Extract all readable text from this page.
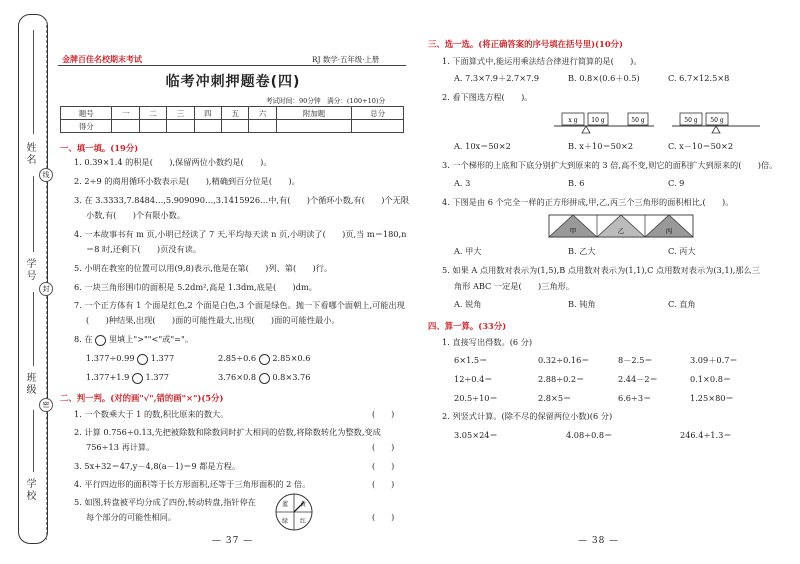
姓名
学号
班级
学校
线
封
密
金牌百佳名校期末考试	RJ 数学·五年级·上册
临考冲刺押题卷(四)
考试时间：90分钟　满分：(100+10)分
题号	一	二	三	四	五	六	附加题	总分
得分								
一、填一填。(19分)
1. 0.39×1.4 的积是(　　),保留两位小数约是(　　)。
2. 2÷9 的商用循环小数表示是(　　),精确到百分位是(　　)。
3. 在 3.3333,7.8484…,5.909090…,3.1415926…中,有(　　)个循环小数,有(　　)个无限
小数,有(　　)个有限小数。
4. 一本故事书有 m 页,小明已经读了 7 天,平均每天读 n 页,小明读了(　　)页,当 m＝180,n
＝8 时,还剩下(　　)页没有读。
5. 小明在教室的位置可以用(9,8)表示,他是在第(　　)列、第(　　)行。
6. 一块三角形围巾的面积是 5.2dm²,高是 1.3dm,底是(　　)dm。
7. 一个正方体有 1 个面是红色,2 个面是白色,3 个面是绿色。抛一下看哪个面朝上,可能出现
(　　)种结果,出现(　　)面的可能性最大,出现(　　)面的可能性最小。
8. 在 里填上">""<"或"="。
1.377÷0.99 1.377	2.85÷0.6 2.85×0.6
1.377+1.9 1.377	3.76×0.8 0.8×3.76
二、判一判。(对的画"√",错的画"×")(5分)
1. 一个数乘大于 1 的数,积比原来的数大。	(　　)
2. 计算 0.756÷0.13,先把被除数和除数同时扩大相同的倍数,将除数转化为整数,变成
756÷13 再计算。	(　　)
3. 5x+32＝47,y－4,8(a－1)＝9 都是方程。	(　　)
4. 平行四边形的面积等于长方形面积,还等于三角形面积的 2 倍。	(　　)
5. 如图,转盘被平均分成了四份,转动转盘,指针停在
每个部分的可能性相同。	(　　)
蓝 黄
绿 红
— 37 —
三、选一选。(将正确答案的序号填在括号里)(10分)
1. 下面算式中,能运用乘法结合律进行简算的是(　　)。
A. 7.3×7.9＋2.7×7.9	B. 0.8×(0.6＋0.5)	C. 6.7×12.5×8
2. 看下图选方程(　　)。
x g 10 g	50 g	50 g 50 g
A. 10x＝50×2	B. x＋10＝50×2	C. x－10＝50×2
3. 一个梯形的上底和下底分别扩大到原来的 3 倍,高不变,则它的面积扩大到原来的(　　)倍。
A. 3	B. 6	C. 9
4. 下图是由 6 个完全一样的正方形拼成,甲,乙,丙三个三角形的面积相比,(　　)。
甲	乙	丙
A. 甲大	B. 乙大	C. 丙大
5. 如果 A 点用数对表示为(1,5),B 点用数对表示为(1,1),C 点用数对表示为(3,1),那么三
角形 ABC 一定是(　　)三角形。
A. 锐角	B. 钝角	C. 直角
四、算一算。(33分)
1. 直接写出得数。(6 分)
6×1.5＝	0.32÷0.16＝	8－2.5＝	3.09＋0.7＝
12÷0.4＝	2.88÷0.2＝	2.44－2＝	0.1×0.8＝
20.5÷10＝	2.8×5＝	6.6÷3＝	1.25×80＝
2. 列竖式计算。(除不尽的保留两位小数)(6 分)
3.05×24＝	4.08÷0.8＝	246.4÷1.3＝
— 38 —
